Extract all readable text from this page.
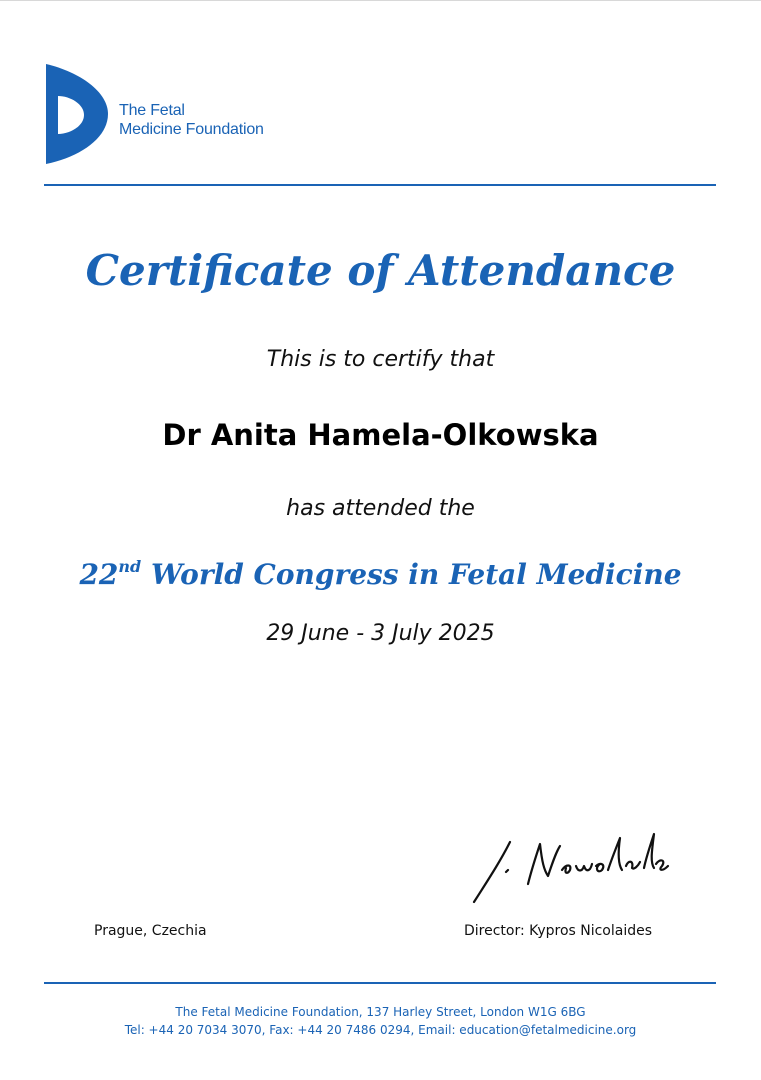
The Fetal
Medicine Foundation
Certificate of Attendance
This is to certify that
Dr Anita Hamela-Olkowska
has attended the
22nd World Congress in Fetal Medicine
29 June - 3 July 2025
Prague, Czechia	Director: Kypros Nicolaides
The Fetal Medicine Foundation, 137 Harley Street, London W1G 6BG
Tel: +44 20 7034 3070, Fax: +44 20 7486 0294, Email: education@fetalmedicine.org
